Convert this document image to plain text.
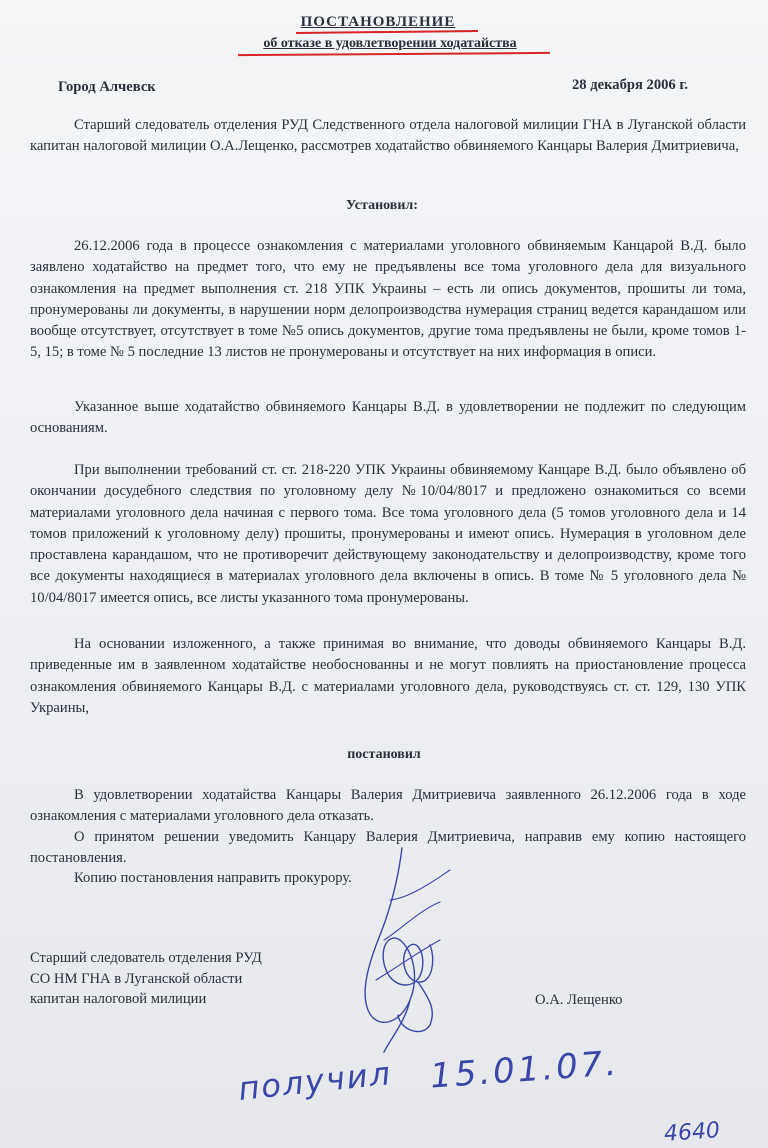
ПОСТАНОВЛЕНИЕ
об отказе в удовлетворении ходатайства
Город Алчевск	28 декабря 2006 г.
Старший следователь отделения РУД Следственного отдела налоговой милиции ГНА в Луганской области капитан налоговой милиции О.А.Лещенко, рассмотрев ходатайство обвиняемого Канцары Валерия Дмитриевича,
Установил:
26.12.2006 года в процессе ознакомления с материалами уголовного обвиняемым Канцарой В.Д. было заявлено ходатайство на предмет того, что ему не предъявлены все тома уголовного дела для визуального ознакомления на предмет выполнения ст. 218 УПК Украины – есть ли опись документов, прошиты ли тома, пронумерованы ли документы, в нарушении норм делопроизводства нумерация страниц ведется карандашом или вообще отсутствует, отсутствует в томе №5 опись документов, другие тома предъявлены не были, кроме томов 1-5, 15; в томе № 5 последние 13 листов не пронумерованы и отсутствует на них информация в описи.
Указанное выше ходатайство обвиняемого Канцары В.Д. в удовлетворении не подлежит по следующим основаниям.
При выполнении требований ст. ст. 218-220 УПК Украины обвиняемому Канцаре В.Д. было объявлено об окончании досудебного следствия по уголовному делу №10/04/8017 и предложено ознакомиться со всеми материалами уголовного дела начиная с первого тома. Все тома уголовного дела (5 томов уголовного дела и 14 томов приложений к уголовному делу) прошиты, пронумерованы и имеют опись. Нумерация в уголовном деле проставлена карандашом, что не противоречит действующему законодательству и делопроизводству, кроме того все документы находящиеся в материалах уголовного дела включены в опись. В томе № 5 уголовного дела № 10/04/8017 имеется опись, все листы указанного тома пронумерованы.
На основании изложенного, а также принимая во внимание, что доводы обвиняемого Канцары В.Д. приведенные им в заявленном ходатайстве необоснованны и не могут повлиять на приостановление процесса ознакомления обвиняемого Канцары В.Д. с материалами уголовного дела, руководствуясь ст. ст. 129, 130 УПК Украины,
постановил
В удовлетворении ходатайства Канцары Валерия Дмитриевича заявленного 26.12.2006 года в ходе ознакомления с материалами уголовного дела отказать.
О принятом решении уведомить Канцару Валерия Дмитриевича, направив ему копию настоящего постановления.
Копию постановления направить прокурору.
Старший следователь отделения РУД
СО НМ ГНА в Луганской области
капитан налоговой милиции	О.А. Лещенко
получил 15.01.07.
4640
